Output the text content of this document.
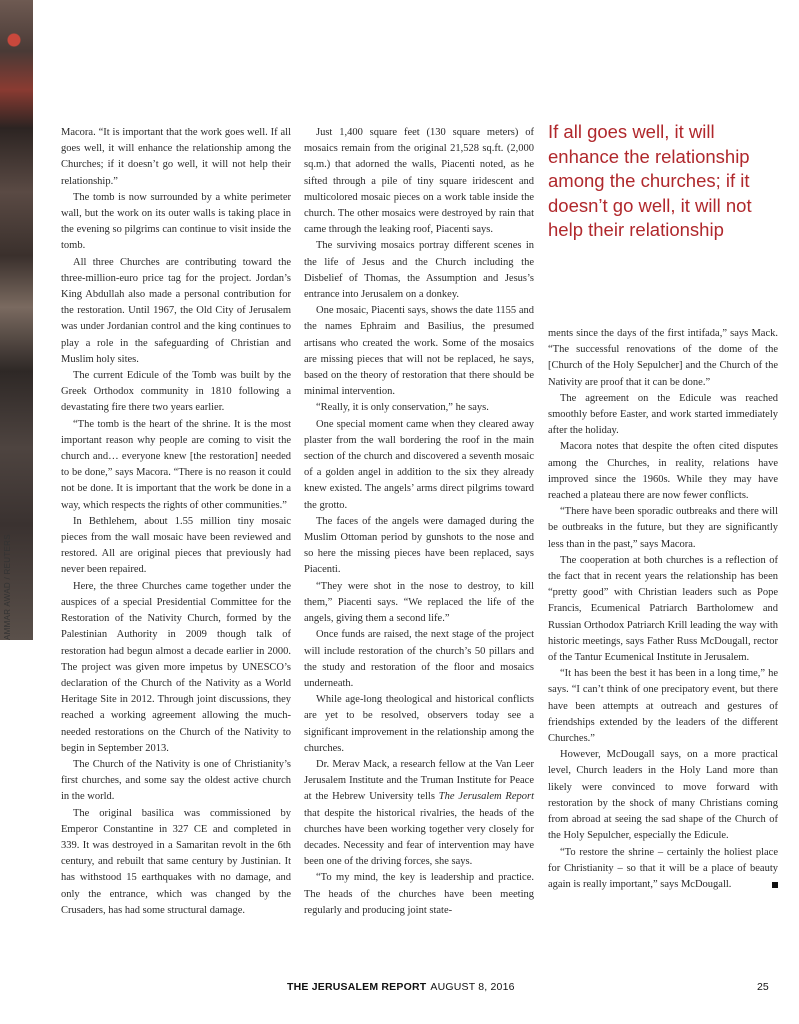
AMMAR AWAD / REUTERS

Macora. “It is important that the work goes well. If all goes well, it will enhance the relationship among the Churches; if it doesn’t go well, it will not help their relationship.”

The tomb is now surrounded by a white perimeter wall, but the work on its outer walls is taking place in the evening so pilgrims can continue to visit inside the tomb.

All three Churches are contributing toward the three-million-euro price tag for the project. Jordan’s King Abdullah also made a personal contribution for the restoration. Until 1967, the Old City of Jerusalem was under Jordanian control and the king continues to play a role in the safeguarding of Christian and Muslim holy sites.

The current Edicule of the Tomb was built by the Greek Orthodox community in 1810 following a devastating fire there two years earlier.

“The tomb is the heart of the shrine. It is the most important reason why people are coming to visit the church and… everyone knew [the restoration] needed to be done,” says Macora. “There is no reason it could not be done. It is important that the work be done in a way, which respects the rights of other communities.”

In Bethlehem, about 1.55 million tiny mosaic pieces from the wall mosaic have been reviewed and restored. All are original pieces that previously had never been repaired.

Here, the three Churches came together under the auspices of a special Presidential Committee for the Restoration of the Nativity Church, formed by the Palestinian Authority in 2009 though talk of restoration had begun almost a decade earlier in 2000. The project was given more impetus by UNESCO’s declaration of the Church of the Nativity as a World Heritage Site in 2012. Through joint discussions, they reached a working agreement allowing the much-needed restorations on the Church of the Nativity to begin in September 2013.

The Church of the Nativity is one of Christianity’s first churches, and some say the oldest active church in the world.

The original basilica was commissioned by Emperor Constantine in 327 CE and completed in 339. It was destroyed in a Samaritan revolt in the 6th century, and rebuilt that same century by Justinian. It has withstood 15 earthquakes with no damage, and only the entrance, which was changed by the Crusaders, has had some structural damage.

Just 1,400 square feet (130 square meters) of mosaics remain from the original 21,528 sq.ft. (2,000 sq.m.) that adorned the walls, Piacenti noted, as he sifted through a pile of tiny square iridescent and multicolored mosaic pieces on a work table inside the church. The other mosaics were destroyed by rain that came through the leaking roof, Piacenti says.

The surviving mosaics portray different scenes in the life of Jesus and the Church including the Disbelief of Thomas, the Assumption and Jesus’s entrance into Jerusalem on a donkey.

One mosaic, Piacenti says, shows the date 1155 and the names Ephraim and Basilius, the presumed artisans who created the work. Some of the mosaics are missing pieces that will not be replaced, he says, based on the theory of restoration that there should be minimal intervention.

“Really, it is only conservation,” he says.

One special moment came when they cleared away plaster from the wall bordering the roof in the main section of the church and discovered a seventh mosaic of a golden angel in addition to the six they already knew existed. The angels’ arms direct pilgrims toward the grotto.

The faces of the angels were damaged during the Muslim Ottoman period by gunshots to the nose and so here the missing pieces have been replaced, says Piacenti.

“They were shot in the nose to destroy, to kill them,” Piacenti says. “We replaced the life of the angels, giving them a second life.”

Once funds are raised, the next stage of the project will include restoration of the church’s 50 pillars and the study and restoration of the floor and mosaics underneath.

While age-long theological and historical conflicts are yet to be resolved, observers today see a significant improvement in the relationship among the churches.

Dr. Merav Mack, a research fellow at the Van Leer Jerusalem Institute and the Truman Institute for Peace at the Hebrew University tells The Jerusalem Report that despite the historical rivalries, the heads of the churches have been working together very closely for decades. Necessity and fear of intervention may have been one of the driving forces, she says.

“To my mind, the key is leadership and practice. The heads of the churches have been meeting regularly and producing joint state-

If all goes well, it will enhance the relationship among the churches; if it doesn’t go well, it will not help their relationship

ments since the days of the first intifada,” says Mack. “The successful renovations of the dome of the [Church of the Holy Sepulcher] and the Church of the Nativity are proof that it can be done.”

The agreement on the Edicule was reached smoothly before Easter, and work started immediately after the holiday.

Macora notes that despite the often cited disputes among the Churches, in reality, relations have improved since the 1960s. While they may have reached a plateau there are now fewer conflicts.

“There have been sporadic outbreaks and there will be outbreaks in the future, but they are significantly less than in the past,” says Macora.

The cooperation at both churches is a reflection of the fact that in recent years the relationship has been “pretty good” with Christian leaders such as Pope Francis, Ecumenical Patriarch Bartholomew and Russian Orthodox Patriarch Krill leading the way with historic meetings, says Father Russ McDougall, rector of the Tantur Ecumenical Institute in Jerusalem.

“It has been the best it has been in a long time,” he says. “I can’t think of one precipatory event, but there have been attempts at outreach and gestures of friendships extended by the leaders of the different Churches.”

However, McDougall says, on a more practical level, Church leaders in the Holy Land more than likely were convinced to move forward with restoration by the shock of many Christians coming from abroad at seeing the sad shape of the Church of the Holy Sepulcher, especially the Edicule.

“To restore the shrine – certainly the holiest place for Christianity – so that it will be a place of beauty again is really important,” says McDougall.

THE JERUSALEM REPORT AUGUST 8, 2016	25
